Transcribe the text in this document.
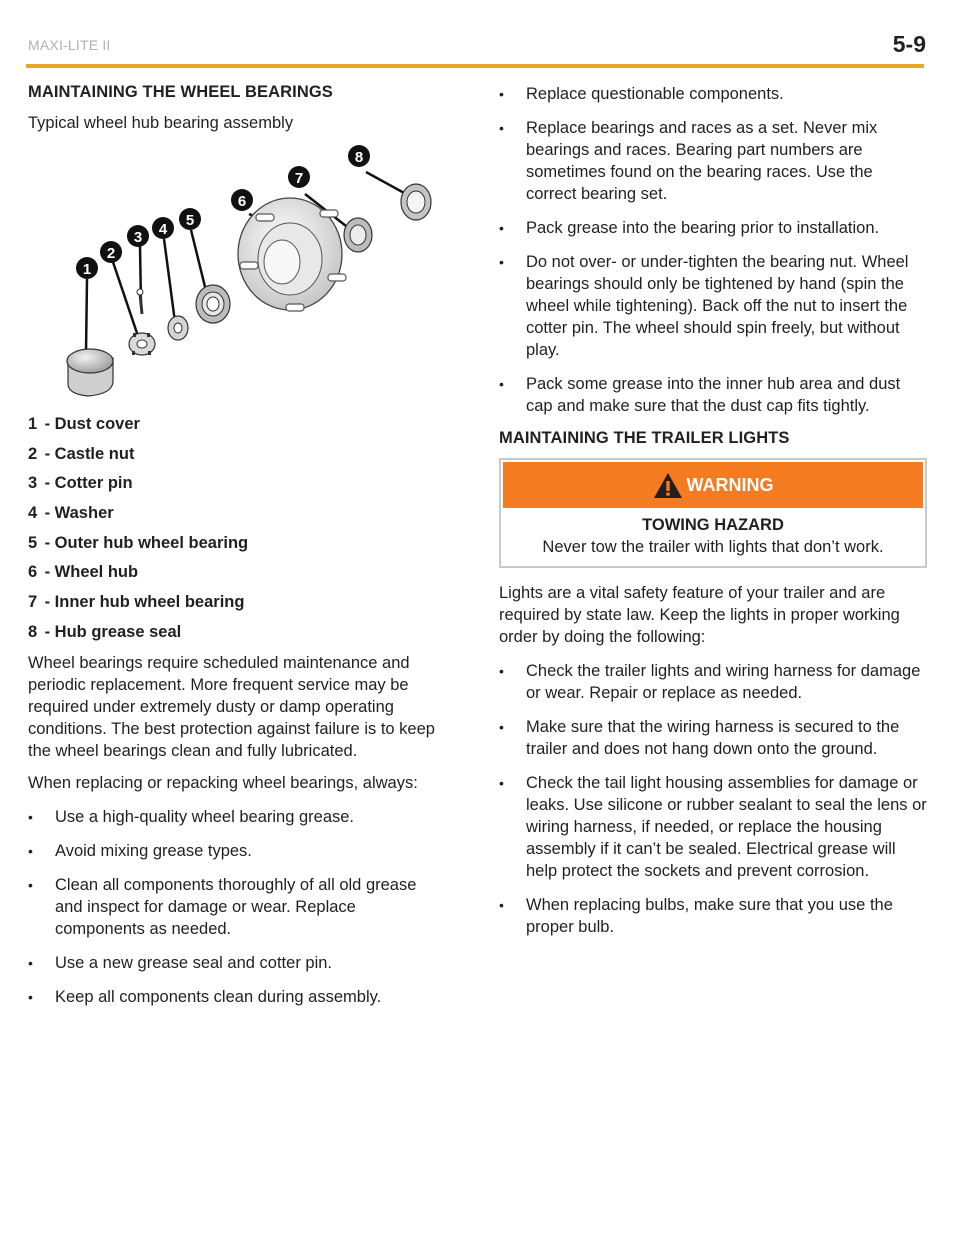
MAXI-LITE II	5-9
MAINTAINING THE WHEEL BEARINGS
Typical wheel hub bearing assembly
1
2
3 4
5
6
7
8
1 - Dust cover
2 - Castle nut
3 - Cotter pin
4 - Washer
5 - Outer hub wheel bearing
6 - Wheel hub
7 - Inner hub wheel bearing
8 - Hub grease seal
Wheel bearings require scheduled maintenance and periodic replacement. More frequent service may be required under extremely dusty or damp operating conditions. The best protection against failure is to keep the wheel bearings clean and fully lubricated.
When replacing or repacking wheel bearings, always:
• Use a high-quality wheel bearing grease.
• Avoid mixing grease types.
• Clean all components thoroughly of all old grease and inspect for damage or wear. Replace components as needed.
• Use a new grease seal and cotter pin.
• Keep all components clean during assembly.
• Replace questionable components.
• Replace bearings and races as a set. Never mix bearings and races. Bearing part numbers are sometimes found on the bearing races. Use the correct bearing set.
• Pack grease into the bearing prior to installation.
• Do not over- or under-tighten the bearing nut. Wheel bearings should only be tightened by hand (spin the wheel while tightening). Back off the nut to insert the cotter pin. The wheel should spin freely, but without play.
• Pack some grease into the inner hub area and dust cap and make sure that the dust cap fits tightly.
MAINTAINING THE TRAILER LIGHTS
WARNING
TOWING HAZARD
Never tow the trailer with lights that don’t work.
Lights are a vital safety feature of your trailer and are required by state law. Keep the lights in proper working order by doing the following:
• Check the trailer lights and wiring harness for damage or wear. Repair or replace as needed.
• Make sure that the wiring harness is secured to the trailer and does not hang down onto the ground.
• Check the tail light housing assemblies for damage or leaks. Use silicone or rubber sealant to seal the lens or wiring harness, if needed, or replace the housing assembly if it can’t be sealed. Electrical grease will help protect the sockets and prevent corrosion.
• When replacing bulbs, make sure that you use the proper bulb.
